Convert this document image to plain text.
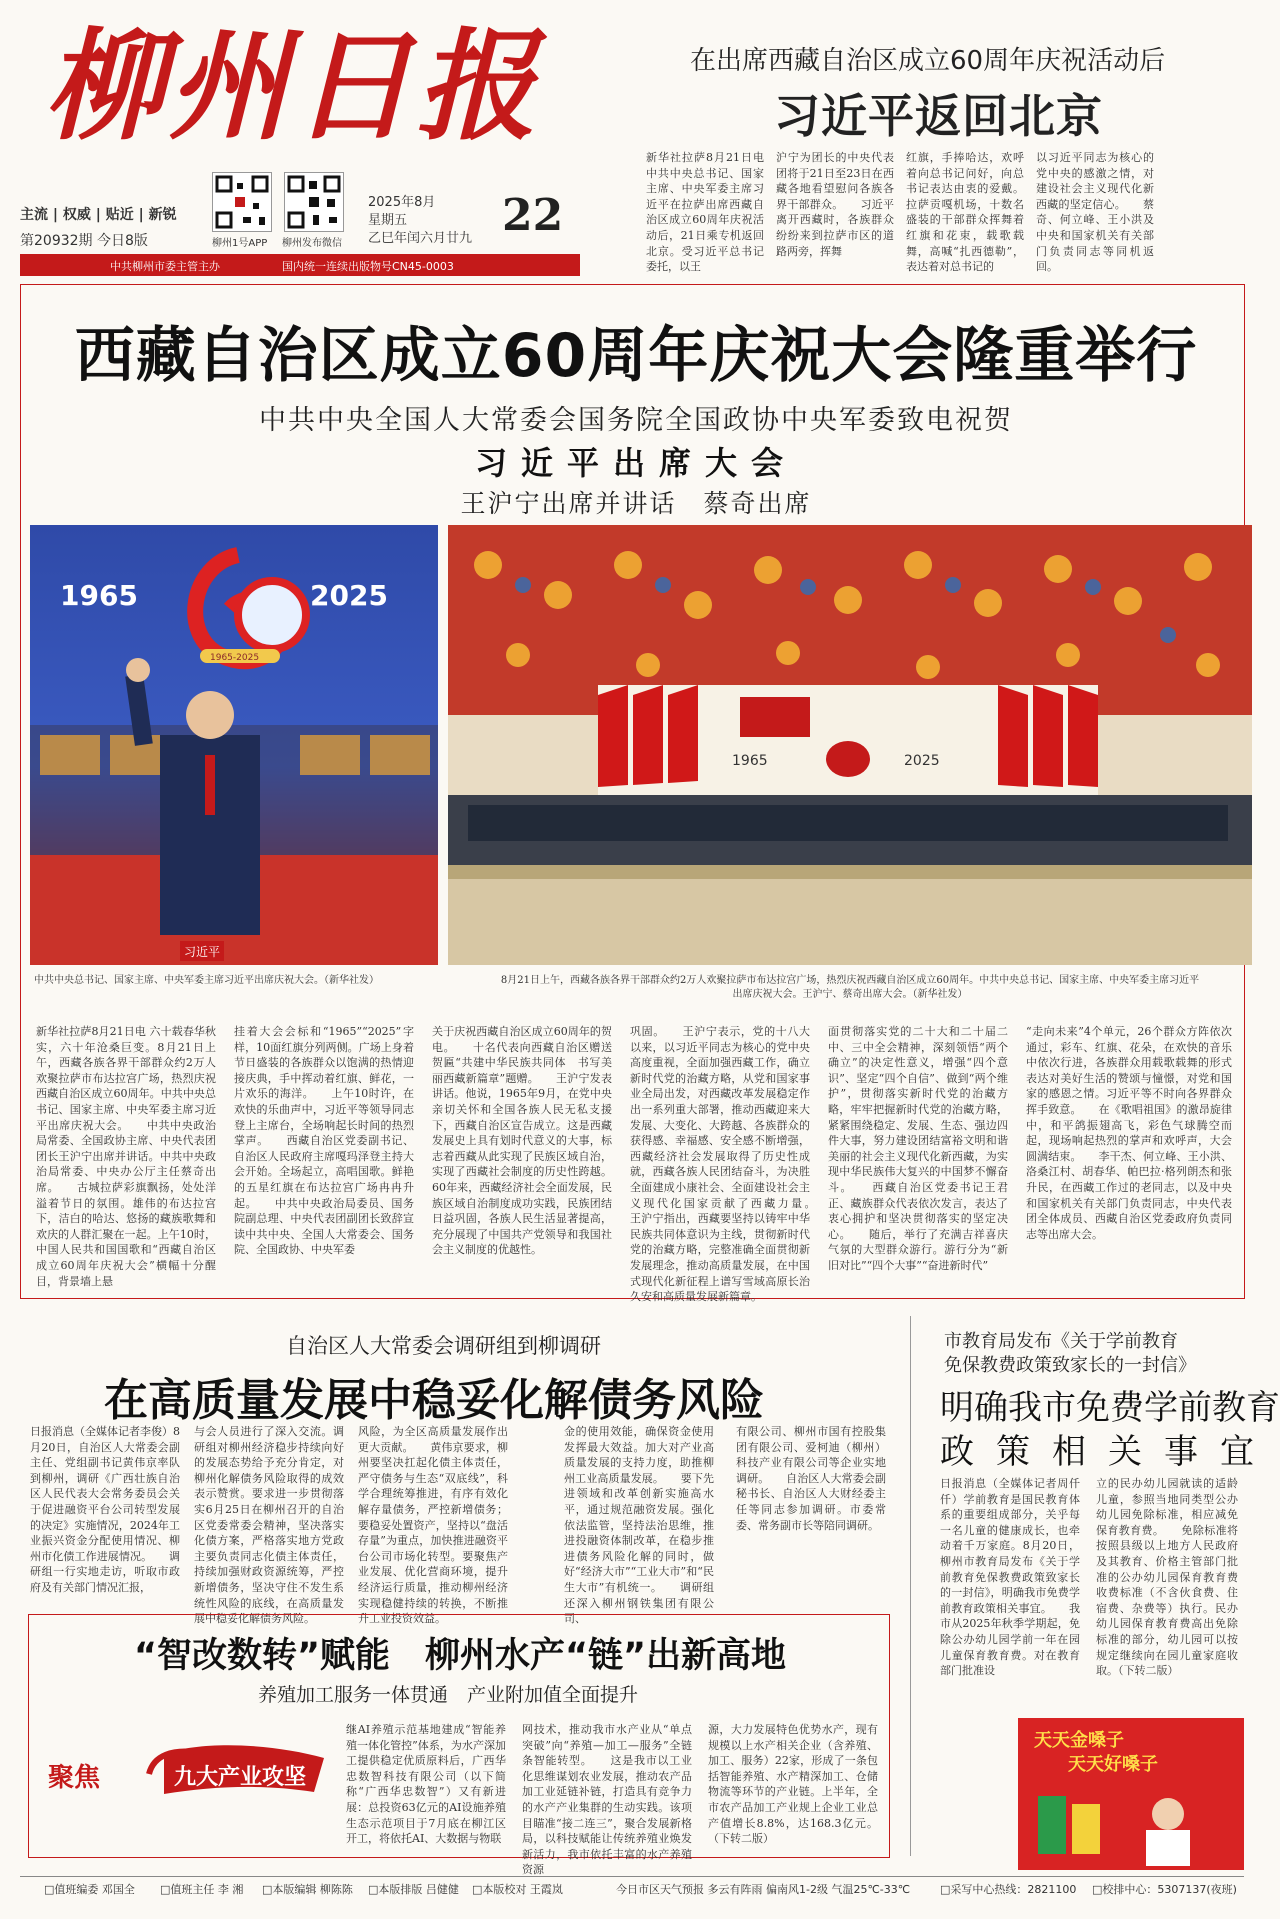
柳州日报
主流 | 权威 | 贴近 | 新锐
第20932期 今日8版	柳州1号APP 柳州发布微信
2025年8月
星期五
乙巳年闰六月廿九 22
中共柳州市委主管主办	国内统一连续出版物号CN45-0003
在出席西藏自治区成立60周年庆祝活动后
习近平返回北京
新华社拉萨8月21日电 中共中央总书记、国家主席、中央军委主席习近平在拉萨出席西藏自治区成立60周年庆祝活动后，21日乘专机返回北京。受习近平总书记委托，以王
沪宁为团长的中央代表团将于21日至23日在西藏各地看望慰问各族各界干部群众。　　习近平离开西藏时，各族群众纷纷来到拉萨市区的道路两旁，挥舞
红旗，手捧哈达，欢呼着向总书记问好，向总书记表达由衷的爱戴。拉萨贡嘎机场，十数名盛装的干部群众挥舞着红旗和花束，载歌载舞，高喊“扎西德勒”，表达着对总书记的
以习近平同志为核心的党中央的感激之情，对建设社会主义现代化新西藏的坚定信心。　　蔡奇、何立峰、王小洪及中央和国家机关有关部门负责同志等同机返回。
西藏自治区成立60周年庆祝大会隆重举行
中共中央全国人大常委会国务院全国政协中央军委致电祝贺
习近平出席大会
王沪宁出席并讲话　蔡奇出席
1965	2025
1965-2025
习近平
中共中央总书记、国家主席、中央军委主席习近平出席庆祝大会。（新华社发）
1965	2025
8月21日上午，西藏各族各界干部群众约2万人欢聚拉萨市布达拉宫广场，热烈庆祝西藏自治区成立60周年。中共中央总书记、国家主席、中央军委主席习近平出席庆祝大会。王沪宁、蔡奇出席大会。（新华社发）
新华社拉萨8月21日电 六十载春华秋实，六十年沧桑巨变。8月21日上午，西藏各族各界干部群众约2万人欢聚拉萨市布达拉宫广场，热烈庆祝西藏自治区成立60周年。中共中央总书记、国家主席、中央军委主席习近平出席庆祝大会。　　中共中央政治局常委、全国政协主席、中央代表团团长王沪宁出席并讲话。中共中央政治局常委、中央办公厅主任蔡奇出席。　　古城拉萨彩旗飘扬，处处洋溢着节日的氛围。雄伟的布达拉宫下，洁白的哈达、悠扬的藏族歌舞和欢庆的人群汇聚在一起。上午10时，中国人民共和国国歌和“西藏自治区成立60周年庆祝大会”横幅十分醒目，背景墙上悬
挂着大会会标和“1965”“2025”字样，10面红旗分列两侧。广场上身着节日盛装的各族群众以饱满的热情迎接庆典，手中挥动着红旗、鲜花，一片欢乐的海洋。　　上午10时许，在欢快的乐曲声中，习近平等领导同志登上主席台，全场响起长时间的热烈掌声。　　西藏自治区党委副书记、自治区人民政府主席嘎玛泽登主持大会开始。全场起立，高唱国歌。鲜艳的五星红旗在布达拉宫广场冉冉升起。　　中共中央政治局委员、国务院副总理、中央代表团副团长致辞宣读中共中央、全国人大常委会、国务院、全国政协、中央军委
关于庆祝西藏自治区成立60周年的贺电。　　十名代表向西藏自治区赠送贺匾“共建中华民族共同体　书写美丽西藏新篇章”题赠。　　王沪宁发表讲话。他说，1965年9月，在党中央亲切关怀和全国各族人民无私支援下，西藏自治区宣告成立。这是西藏发展史上具有划时代意义的大事，标志着西藏从此实现了民族区域自治，实现了西藏社会制度的历史性跨越。60年来，西藏经济社会全面发展，民族区域自治制度成功实践，民族团结日益巩固，各族人民生活显著提高，充分展现了中国共产党领导和我国社会主义制度的优越性。
巩固。　　王沪宁表示，党的十八大以来，以习近平同志为核心的党中央高度重视，全面加强西藏工作，确立新时代党的治藏方略，从党和国家事业全局出发，对西藏改革发展稳定作出一系列重大部署，推动西藏迎来大发展、大变化、大跨越、各族群众的获得感、幸福感、安全感不断增强，西藏经济社会发展取得了历史性成就，西藏各族人民团结奋斗，为决胜全面建成小康社会、全面建设社会主义现代化国家贡献了西藏力量。　　王沪宁指出，西藏要坚持以铸牢中华民族共同体意识为主线，贯彻新时代党的治藏方略，完整准确全面贯彻新发展理念，推动高质量发展，在中国式现代化新征程上谱写雪域高原长治久安和高质量发展新篇章。
面贯彻落实党的二十大和二十届二中、三中全会精神，深刻领悟“两个确立”的决定性意义，增强“四个意识”、坚定“四个自信”、做到“两个维护”，贯彻落实新时代党的治藏方略，牢牢把握新时代党的治藏方略，紧紧围绕稳定、发展、生态、强边四件大事，努力建设团结富裕文明和谐美丽的社会主义现代化新西藏，为实现中华民族伟大复兴的中国梦不懈奋斗。　　西藏自治区党委书记王君正、藏族群众代表依次发言，表达了衷心拥护和坚决贯彻落实的坚定决心。　　随后，举行了充满吉祥喜庆气氛的大型群众游行。游行分为“新旧对比”“四个大事”“奋进新时代”
“走向未来”4个单元，26个群众方阵依次通过，彩车、红旗、花朵，在欢快的音乐中依次行进，各族群众用载歌载舞的形式表达对美好生活的赞颂与憧憬，对党和国家的感恩之情。习近平等不时向各界群众挥手致意。　　在《歌唱祖国》的激昂旋律中，和平鸽振翅高飞，彩色气球腾空而起，现场响起热烈的掌声和欢呼声，大会圆满结束。　　李干杰、何立峰、王小洪、洛桑江村、胡春华、帕巴拉·格列朗杰和张升民，在西藏工作过的老同志，以及中央和国家机关有关部门负责同志，中央代表团全体成员、西藏自治区党委政府负责同志等出席大会。
自治区人大常委会调研组到柳调研
在高质量发展中稳妥化解债务风险
日报消息（全媒体记者李俊）8月20日，自治区人大常委会副主任、党组副书记黄伟京率队到柳州，调研《广西壮族自治区人民代表大会常务委员会关于促进融资平台公司转型发展的决定》实施情况，2024年工业振兴资金分配使用情况、柳州市化债工作进展情况。　　调研组一行实地走访，听取市政府及有关部门情况汇报，
与会人员进行了深入交流。调研组对柳州经济稳步持续向好的发展态势给予充分肯定，对柳州化解债务风险取得的成效表示赞赏。要求进一步贯彻落实6月25日在柳州召开的自治区党委常委会精神，坚决落实化债方案，严格落实地方党政主要负责同志化债主体责任，持续加强财政资源统筹，严控新增债务，坚决守住不发生系统性风险的底线，在高质量发展中稳妥化解债务风险。
风险，为全区高质量发展作出更大贡献。　　黄伟京要求，柳州要坚决扛起化债主体责任，严守债务与生态“双底线”，科学合理统筹推进，有序有效化解存量债务，严控新增债务；要稳妥处置资产，坚持以“盘活存量”为重点，加快推进融资平台公司市场化转型。要聚焦产业发展、优化营商环境，提升经济运行质量，推动柳州经济实现稳健持续的转换，不断推升工业投资效益。
金的使用效能，确保资金使用发挥最大效益。加大对产业高质量发展的支持力度，助推柳州工业高质量发展。　　要下先进领域和改革创新实施高水平，通过规范融资发展。强化依法监管，坚持法治思维，推进投融资体制改革，在稳步推进债务风险化解的同时，做好“经济大市”“工业大市”和“民生大市”有机统一。　　调研组还深入柳州钢铁集团有限公司、
有限公司、柳州市国有控股集团有限公司、爱柯迪（柳州）科技产业有限公司等企业实地调研。　　自治区人大常委会副秘书长、自治区人大财经委主任等同志参加调研。市委常委、常务副市长等陪同调研。
市教育局发布《关于学前教育
免保教费政策致家长的一封信》
明确我市免费学前教育
政策相关事宜
日报消息（全媒体记者周仟仟）学前教育是国民教育体系的重要组成部分，关乎每一名儿童的健康成长，也牵动着千万家庭。8月20日，柳州市教育局发布《关于学前教育免保教费政策致家长的一封信》，明确我市免费学前教育政策相关事宜。　　我市从2025年秋季学期起，免除公办幼儿园学前一年在园儿童保育教育费。对在教育部门批准设
立的民办幼儿园就读的适龄儿童，参照当地同类型公办幼儿园免除标准，相应减免保育教育费。　　免除标准将按照县级以上地方人民政府及其教育、价格主管部门批准的公办幼儿园保育教育费收费标准（不含伙食费、住宿费、杂费等）执行。民办幼儿园保育教育费高出免除标准的部分，幼儿园可以按规定继续向在园儿童家庭收取。（下转二版）
“智改数转”赋能　柳州水产“链”出新高地
养殖加工服务一体贯通　产业附加值全面提升
聚焦	九大产业攻坚
继AI养殖示范基地建成“智能养殖一体化管控”体系，为水产深加工提供稳定优质原料后，广西华忠数智科技有限公司（以下简称“广西华忠数智”）又有新进展：总投资63亿元的AI设施养殖生态示范项目于7月底在柳江区开工，将依托AI、大数据与物联
网技术，推动我市水产业从“单点突破”向“养殖—加工—服务”全链条智能转型。　　这是我市以工业化思维谋划农业发展，推动农产品加工业延链补链，打造具有竞争力的水产产业集群的生动实践。该项目瞄准“接二连三”，聚合发展新格局，以科技赋能让传统养殖业焕发新活力，我市依托丰富的水产养殖资源
源，大力发展特色优势水产，现有规模以上水产相关企业（含养殖、加工、服务）22家，形成了一条包括智能养殖、水产精深加工、仓储物流等环节的产业链。上半年，全市农产品加工产业规上企业工业总产值增长8.8%，达168.3亿元。（下转二版）
天天金嗓子
天天好嗓子
□值班编委 邓国全 □值班主任 李 湘 □本版编辑 柳陈陈 □本版排版 吕健健 □本版校对 王霞岚	今日市区天气预报 多云有阵雨 偏南风1-2级 气温25℃-33℃	□采写中心热线：2821100 □校排中心：5307137(夜班)
